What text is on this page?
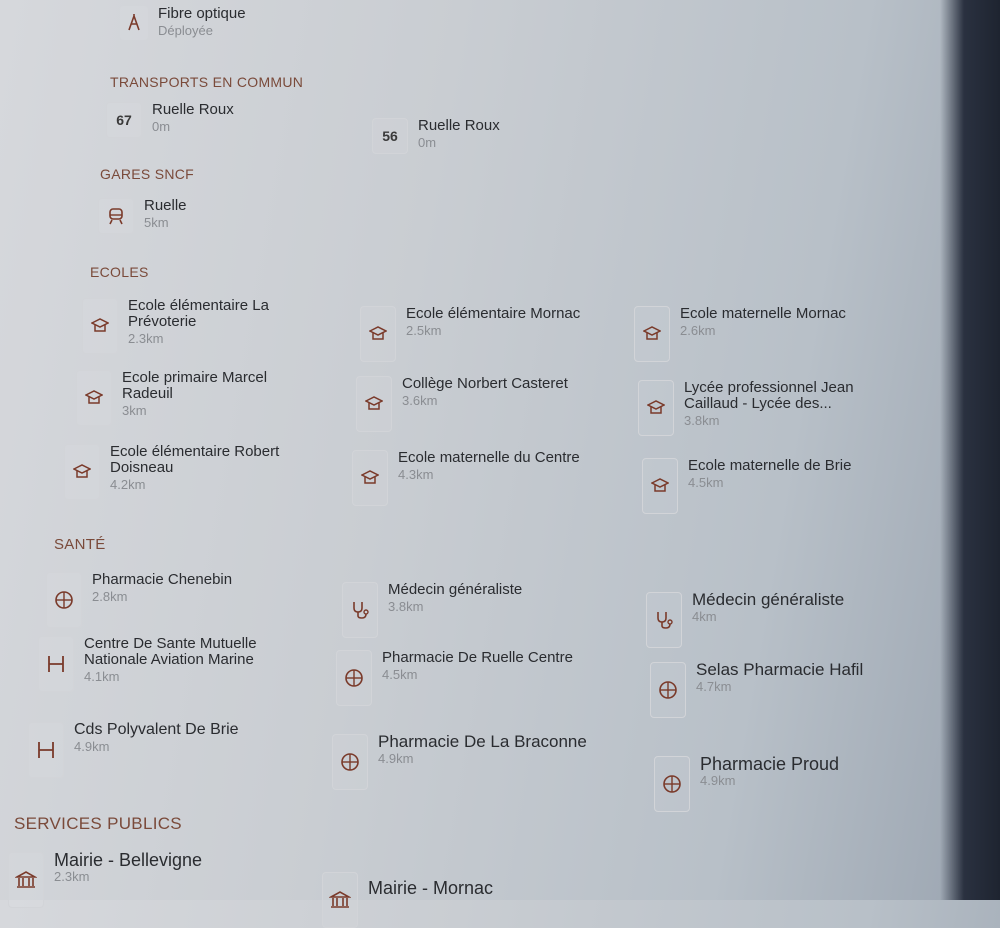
Fibre optique
Déployée
TRANSPORTS EN COMMUN
67
Ruelle Roux
0m
56
Ruelle Roux
0m
GARES SNCF
Ruelle
5km
ECOLES
Ecole élémentaire La Prévoterie
2.3km
Ecole élémentaire Mornac
2.5km
Ecole maternelle Mornac
2.6km
Ecole primaire Marcel Radeuil
3km
Collège Norbert Casteret
3.6km
Lycée professionnel Jean Caillaud - Lycée des...
3.8km
Ecole élémentaire Robert Doisneau
4.2km
Ecole maternelle du Centre
4.3km
Ecole maternelle de Brie
4.5km
SANTÉ
Pharmacie Chenebin
2.8km	Médecin généraliste
3.8km	Médecin généraliste
4km
Centre De Sante Mutuelle Nationale Aviation Marine
4.1km
Pharmacie De Ruelle Centre
4.5km	Selas Pharmacie Hafil
4.7km
Cds Polyvalent De Brie
4.9km	Pharmacie De La Braconne
4.9km	Pharmacie Proud
4.9km
SERVICES PUBLICS
Mairie - Bellevigne
2.3km
Mairie - Mornac
